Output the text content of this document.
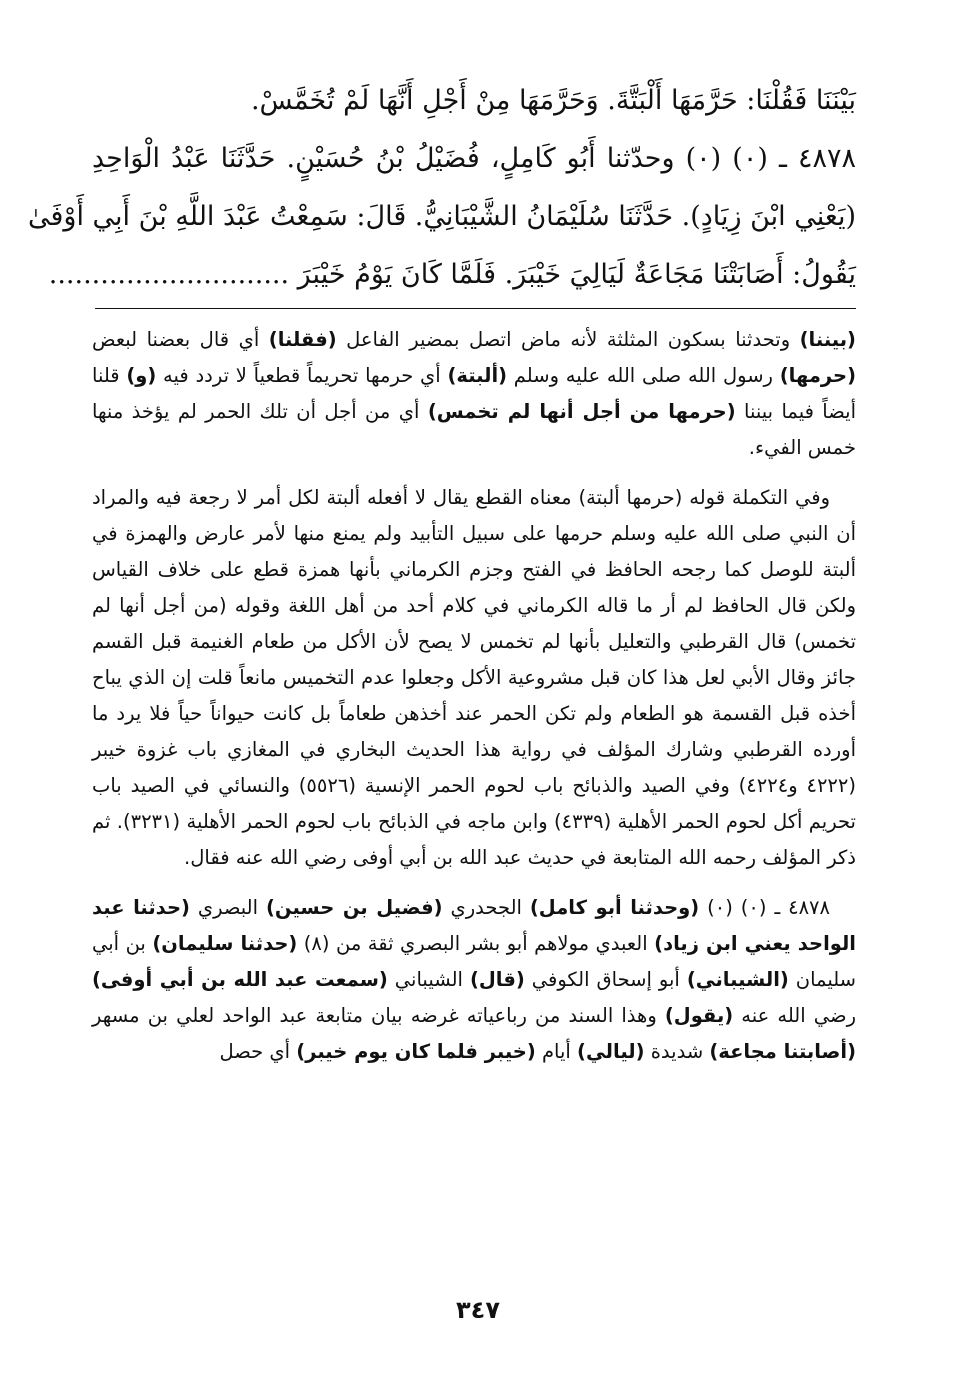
بَيْنَنَا فَقُلْنَا: حَرَّمَهَا أَلْبَتَّةَ. وَحَرَّمَهَا مِنْ أَجْلِ أَنَّهَا لَمْ تُخَمَّسْ.
٤٨٧٨ ـ (٠) (٠) وحدّثنا أَبُو كَامِلٍ، فُضَيْلُ بْنُ حُسَيْنٍ. حَدَّثَنَا عَبْدُ الْوَاحِدِ
(يَعْنِي ابْنَ زِيَادٍ). حَدَّثَنَا سُلَيْمَانُ الشَّيْبَانِيُّ. قَالَ: سَمِعْتُ عَبْدَ اللَّهِ بْنَ أَبِي أَوْفَىٰ
يَقُولُ: أَصَابَتْنَا مَجَاعَةٌ لَيَالِيَ خَيْبَرَ. فَلَمَّا كَانَ يَوْمُ خَيْبَرَ ............................

(بيننا) وتحدثنا بسكون المثلثة لأنه ماض اتصل بمضير الفاعل (فقلنا) أي قال بعضنا لبعض (حرمها) رسول الله صلى الله عليه وسلم (ألبتة) أي حرمها تحريماً قطعياً لا تردد فيه (و) قلنا أيضاً فيما بيننا (حرمها من أجل أنها لم تخمس) أي من أجل أن تلك الحمر لم يؤخذ منها خمس الفيء.

وفي التكملة قوله (حرمها ألبتة) معناه القطع يقال لا أفعله ألبتة لكل أمر لا رجعة فيه والمراد أن النبي صلى الله عليه وسلم حرمها على سبيل التأبيد ولم يمنع منها لأمر عارض والهمزة في ألبتة للوصل كما رجحه الحافظ في الفتح وجزم الكرماني بأنها همزة قطع على خلاف القياس ولكن قال الحافظ لم أر ما قاله الكرماني في كلام أحد من أهل اللغة وقوله (من أجل أنها لم تخمس) قال القرطبي والتعليل بأنها لم تخمس لا يصح لأن الأكل من طعام الغنيمة قبل القسم جائز وقال الأبي لعل هذا كان قبل مشروعية الأكل وجعلوا عدم التخميس مانعاً قلت إن الذي يباح أخذه قبل القسمة هو الطعام ولم تكن الحمر عند أخذهن طعاماً بل كانت حيواناً حياً فلا يرد ما أورده القرطبي وشارك المؤلف في رواية هذا الحديث البخاري في المغازي باب غزوة خيبر (٤٢٢٢ و٤٢٢٤) وفي الصيد والذبائح باب لحوم الحمر الإنسية (٥٥٢٦) والنسائي في الصيد باب تحريم أكل لحوم الحمر الأهلية (٤٣٣٩) وابن ماجه في الذبائح باب لحوم الحمر الأهلية (٣٢٣١). ثم ذكر المؤلف رحمه الله المتابعة في حديث عبد الله بن أبي أوفى رضي الله عنه فقال.

٤٨٧٨ ـ (٠) (٠) (وحدثنا أبو كامل) الجحدري (فضيل بن حسين) البصري (حدثنا عبد الواحد يعني ابن زياد) العبدي مولاهم أبو بشر البصري ثقة من (٨) (حدثنا سليمان) بن أبي سليمان (الشيباني) أبو إسحاق الكوفي (قال) الشيباني (سمعت عبد الله بن أبي أوفى) رضي الله عنه (يقول) وهذا السند من رباعياته غرضه بيان متابعة عبد الواحد لعلي بن مسهر (أصابتنا مجاعة) شديدة (ليالي) أيام (خيبر فلما كان يوم خيبر) أي حصل

٣٤٧
